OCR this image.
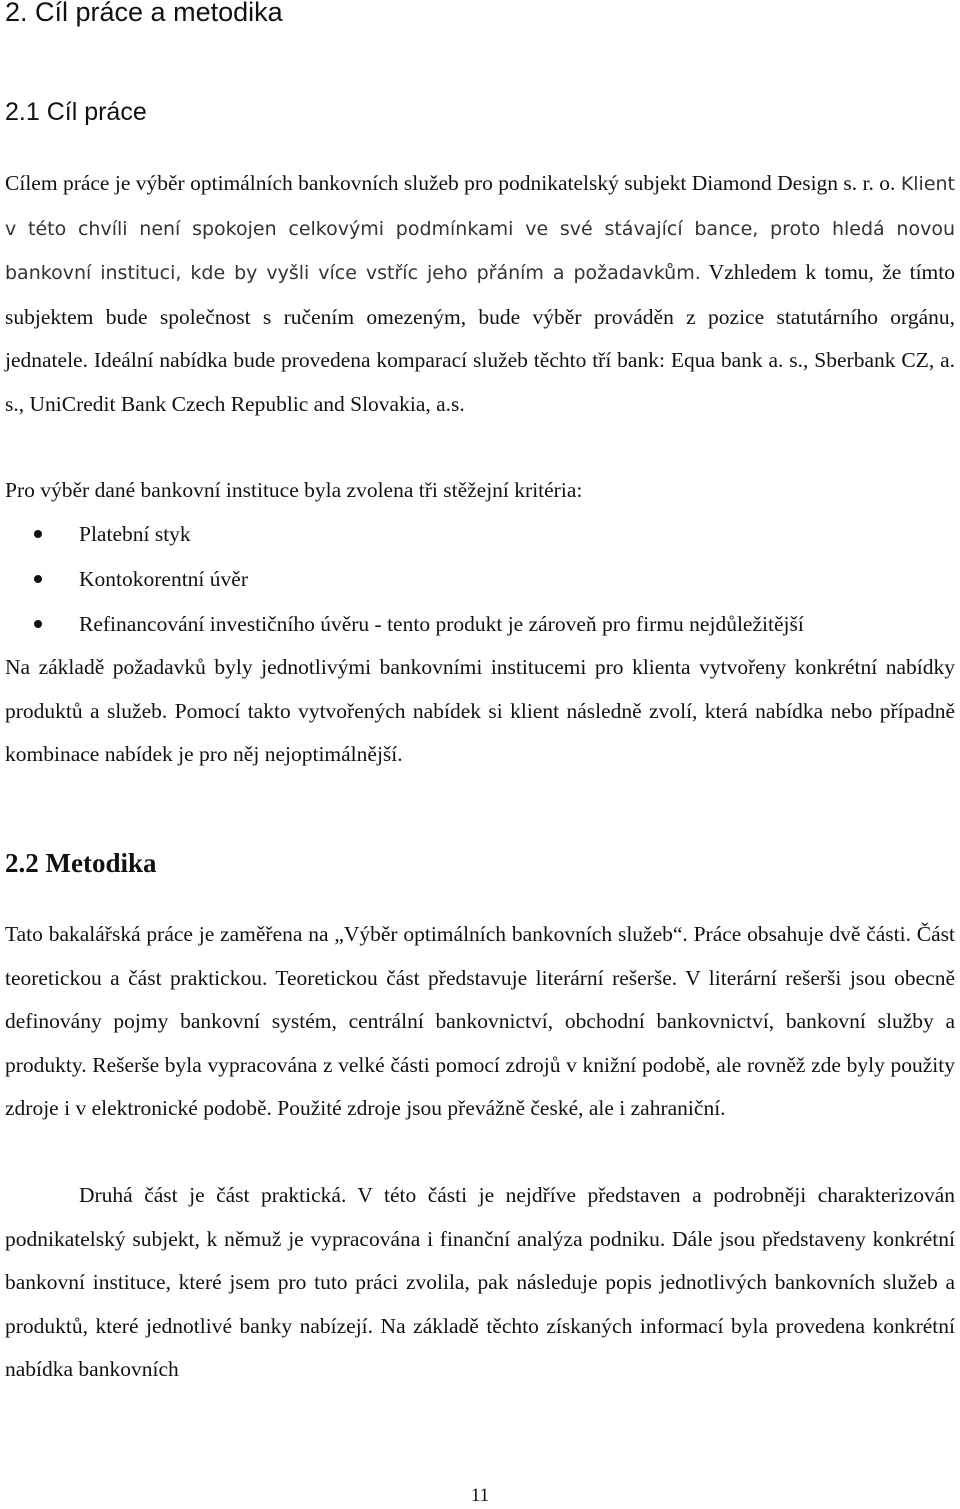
2. Cíl práce a metodika
2.1 Cíl práce

Cílem práce je výběr optimálních bankovních služeb pro podnikatelský subjekt Diamond Design s. r. o. Klient v této chvíli není spokojen celkovými podmínkami ve své stávající bance, proto hledá novou bankovní instituci, kde by vyšli více vstříc jeho přáním a požadavkům. Vzhledem k tomu, že tímto subjektem bude společnost s ručením omezeným, bude výběr prováděn z pozice statutárního orgánu, jednatele. Ideální nabídka bude provedena komparací služeb těchto tří bank: Equa bank a. s., Sberbank CZ, a. s., UniCredit Bank Czech Republic and Slovakia, a.s.

Pro výběr dané bankovní instituce byla zvolena tři stěžejní kritéria:

Platební styk
Kontokorentní úvěr
Refinancování investičního úvěru - tento produkt je zároveň pro firmu nejdůležitější

Na základě požadavků byly jednotlivými bankovními institucemi pro klienta vytvořeny konkrétní nabídky produktů a služeb. Pomocí takto vytvořených nabídek si klient následně zvolí, která nabídka nebo případně kombinace nabídek je pro něj nejoptimálnější.

2.2 Metodika

Tato bakalářská práce je zaměřena na „Výběr optimálních bankovních služeb“. Práce obsahuje dvě části. Část teoretickou a část praktickou. Teoretickou část představuje literární rešerše. V literární rešerši jsou obecně definovány pojmy bankovní systém, centrální bankovnictví, obchodní bankovnictví, bankovní služby a produkty. Rešerše byla vypracována z velké části pomocí zdrojů v knižní podobě, ale rovněž zde byly použity zdroje i v elektronické podobě. Použité zdroje jsou převážně české, ale i zahraniční.

Druhá část je část praktická. V této části je nejdříve představen a podrobněji charakterizován podnikatelský subjekt, k němuž je vypracována i finanční analýza podniku. Dále jsou představeny konkrétní bankovní instituce, které jsem pro tuto práci zvolila, pak následuje popis jednotlivých bankovních služeb a produktů, které jednotlivé banky nabízejí. Na základě těchto získaných informací byla provedena konkrétní nabídka bankovních

11
